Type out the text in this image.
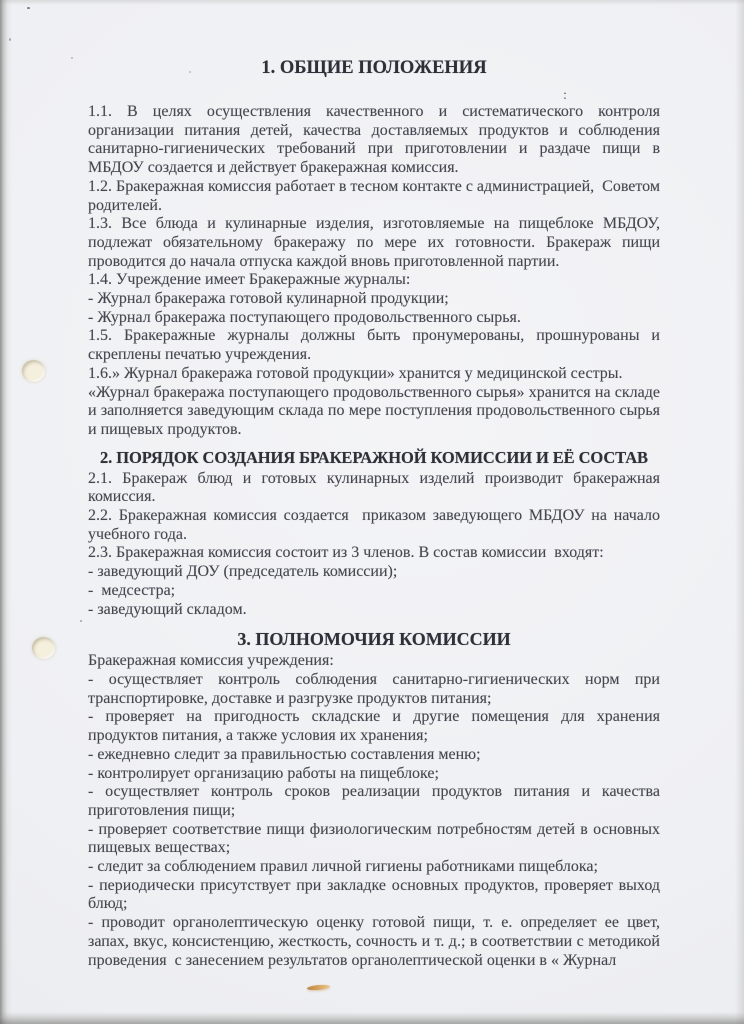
:
1. ОБЩИЕ ПОЛОЖЕНИЯ

1.1. В целях осуществления качественного и систематического контроля организации питания детей, качества доставляемых продуктов и соблюдения санитарно-гигиенических требований при приготовлении и раздаче пищи в МБДОУ создается и действует бракеражная комиссия.

1.2. Бракеражная комиссия работает в тесном контакте с администрацией,  Советом родителей.

1.3. Все блюда и кулинарные изделия, изготовляемые на пищеблоке МБДОУ, подлежат обязательному бракеражу по мере их готовности. Бракераж пищи проводится до начала отпуска каждой вновь приготовленной партии.

1.4. Учреждение имеет Бракеражные журналы:

- Журнал бракеража готовой кулинарной продукции;

- Журнал бракеража поступающего продовольственного сырья.

1.5. Бракеражные журналы должны быть пронумерованы, прошнурованы и скреплены печатью учреждения.

1.6.» Журнал бракеража готовой продукции» хранится у медицинской сестры.

«Журнал бракеража поступающего продовольственного сырья» хранится на складе и заполняется заведующим склада по мере поступления продовольственного сырья и пищевых продуктов.

2. ПОРЯДОК СОЗДАНИЯ БРАКЕРАЖНОЙ КОМИССИИ И ЕЁ СОСТАВ

2.1. Бракераж блюд и готовых кулинарных изделий производит бракеражная комиссия.

2.2. Бракеражная комиссия создается  приказом заведующего МБДОУ на начало учебного года.

2.3. Бракеражная комиссия состоит из 3 членов. В состав комиссии  входят:

- заведующий ДОУ (председатель комиссии);

-  медсестра;

- заведующий складом.

3. ПОЛНОМОЧИЯ КОМИССИИ

Бракеражная комиссия учреждения:

- осуществляет контроль соблюдения санитарно-гигиенических норм при транспортировке, доставке и разгрузке продуктов питания;

- проверяет на пригодность складские и другие помещения для хранения продуктов питания, а также условия их хранения;

- ежедневно следит за правильностью составления меню;

- контролирует организацию работы на пищеблоке;

- осуществляет контроль сроков реализации продуктов питания и качества приготовления пищи;

- проверяет соответствие пищи физиологическим потребностям детей в основных пищевых веществах;

- следит за соблюдением правил личной гигиены работниками пищеблока;

- периодически присутствует при закладке основных продуктов, проверяет выход блюд;

- проводит органолептическую оценку готовой пищи, т. е. определяет ее цвет, запах, вкус, консистенцию, жесткость, сочность и т. д.; в соответствии с методикой проведения  с занесением результатов органолептической оценки в « Журнал
